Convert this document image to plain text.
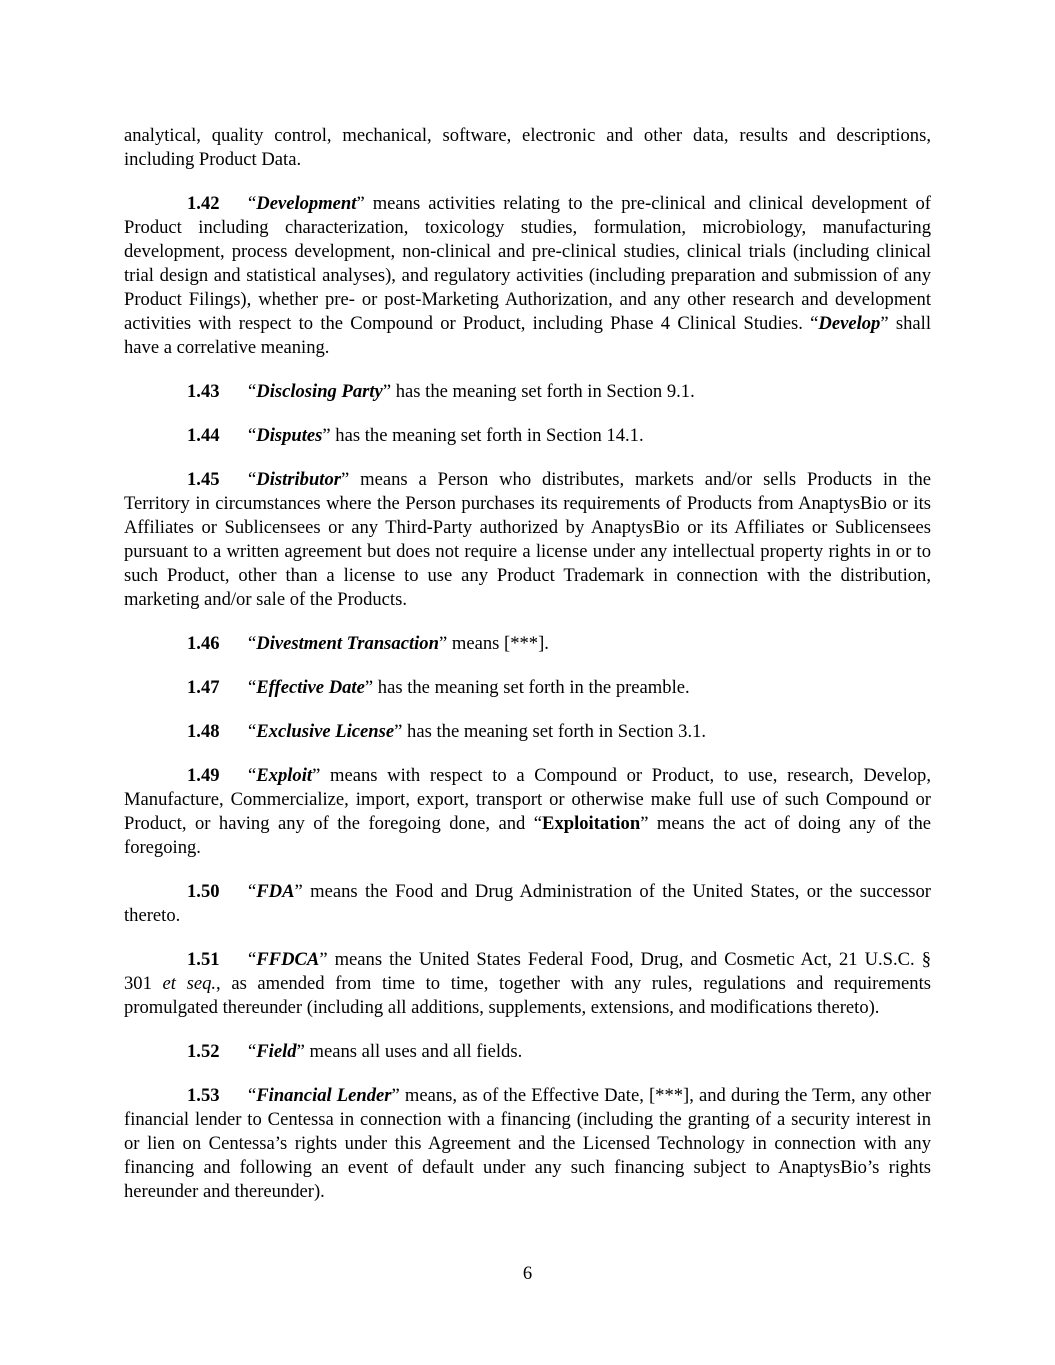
analytical, quality control, mechanical, software, electronic and other data, results and descriptions, including Product Data.

1.42 “Development” means activities relating to the pre-clinical and clinical development of Product including characterization, toxicology studies, formulation, microbiology, manufacturing development, process development, non-clinical and pre-clinical studies, clinical trials (including clinical trial design and statistical analyses), and regulatory activities (including preparation and submission of any Product Filings), whether pre- or post-Marketing Authorization, and any other research and development activities with respect to the Compound or Product, including Phase 4 Clinical Studies. “Develop” shall have a correlative meaning.

1.43 “Disclosing Party” has the meaning set forth in Section 9.1.

1.44 “Disputes” has the meaning set forth in Section 14.1.

1.45 “Distributor” means a Person who distributes, markets and/or sells Products in the Territory in circumstances where the Person purchases its requirements of Products from AnaptysBio or its Affiliates or Sublicensees or any Third-Party authorized by AnaptysBio or its Affiliates or Sublicensees pursuant to a written agreement but does not require a license under any intellectual property rights in or to such Product, other than a license to use any Product Trademark in connection with the distribution, marketing and/or sale of the Products.

1.46 “Divestment Transaction” means [***].

1.47 “Effective Date” has the meaning set forth in the preamble.

1.48 “Exclusive License” has the meaning set forth in Section 3.1.

1.49 “Exploit” means with respect to a Compound or Product, to use, research, Develop, Manufacture, Commercialize, import, export, transport or otherwise make full use of such Compound or Product, or having any of the foregoing done, and “Exploitation” means the act of doing any of the foregoing.

1.50 “FDA” means the Food and Drug Administration of the United States, or the successor thereto.

1.51 “FFDCA” means the United States Federal Food, Drug, and Cosmetic Act, 21 U.S.C. § 301 et seq., as amended from time to time, together with any rules, regulations and requirements promulgated thereunder (including all additions, supplements, extensions, and modifications thereto).

1.52 “Field” means all uses and all fields.

1.53 “Financial Lender” means, as of the Effective Date, [***], and during the Term, any other financial lender to Centessa in connection with a financing (including the granting of a security interest in or lien on Centessa’s rights under this Agreement and the Licensed Technology in connection with any financing and following an event of default under any such financing subject to AnaptysBio’s rights hereunder and thereunder).

6
